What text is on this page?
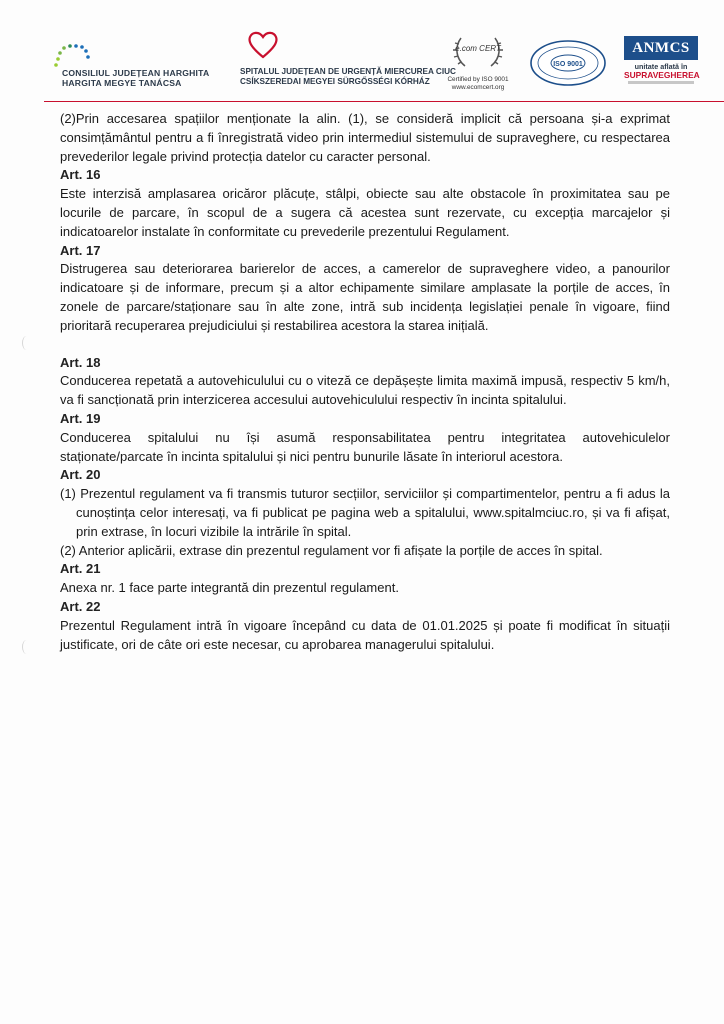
CONSILIUL JUDEȚEAN HARGHITA
HARGITA MEGYE TANÁCSA
SPITALUL JUDEȚEAN DE URGENȚĂ MIERCUREA CIUC
CSÍKSZEREDAI MEGYEI SÜRGŐSSÉGI KÓRHÁZ
e.com CERT
Certified by ISO 9001
www.ecomcert.org
ISO 9001
ANMCS
unitate aflată în
SUPRAVEGHEREA

(2)Prin accesarea spațiilor menționate la alin. (1), se consideră implicit că persoana și-a exprimat consimțământul pentru a fi înregistrată video prin intermediul sistemului de supraveghere, cu respectarea prevederilor legale privind protecția datelor cu caracter personal.

Art. 16

Este interzisă amplasarea oricăror plăcuțe, stâlpi, obiecte sau alte obstacole în proximitatea sau pe locurile de parcare, în scopul de a sugera că acestea sunt rezervate, cu excepția marcajelor și indicatoarelor instalate în conformitate cu prevederile prezentului Regulament.

Art. 17

Distrugerea sau deteriorarea barierelor de acces, a camerelor de supraveghere video, a panourilor indicatoare și de informare, precum și a altor echipamente similare amplasate la porțile de acces, în zonele de parcare/staționare sau în alte zone, intră sub incidența legislației penale în vigoare, fiind prioritară recuperarea prejudiciului și restabilirea acestora la starea inițială.

Art. 18

Conducerea repetată a autovehiculului cu o viteză ce depășește limita maximă impusă, respectiv 5 km/h, va fi sancționată prin interzicerea accesului autovehiculului respectiv în incinta spitalului.

Art. 19

Conducerea spitalului nu își asumă responsabilitatea pentru integritatea autovehiculelor staționate/parcate în incinta spitalului și nici pentru bunurile lăsate în interiorul acestora.

Art. 20

(1) Prezentul regulament va fi transmis tuturor secțiilor, serviciilor și compartimentelor, pentru a fi adus la cunoștința celor interesați, va fi publicat pe pagina web a spitalului, www.spitalmciuc.ro, și va fi afișat, prin extrase, în locuri vizibile la intrările în spital.

(2) Anterior aplicării, extrase din prezentul regulament vor fi afișate la porțile de acces în spital.

Art. 21

Anexa nr. 1 face parte integrantă din prezentul regulament.

Art. 22

Prezentul Regulament intră în vigoare începând cu data de 01.01.2025 și poate fi modificat în situații justificate, ori de câte ori este necesar, cu aprobarea managerului spitalului.
